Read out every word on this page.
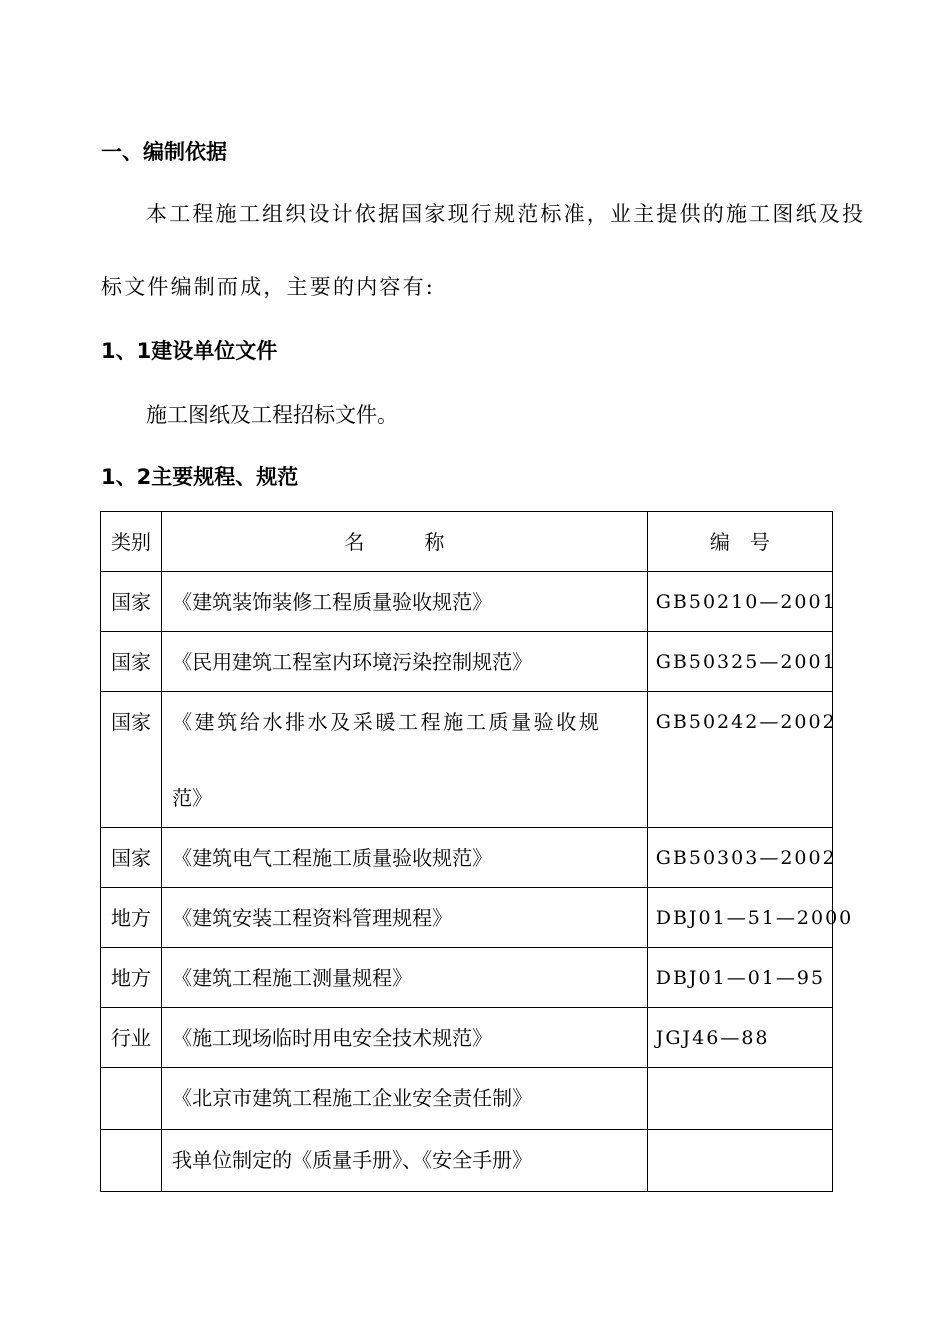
一、编制依据
本工程施工组织设计依据国家现行规范标准，业主提供的施工图纸及投
标文件编制而成，主要的内容有:
1、1建设单位文件
施工图纸及工程招标文件。
1、2主要规程、规范
类别	名　　　称	编　号

国家	《建筑装饰装修工程质量验收规范》	GB50210—2001

国家	《民用建筑工程室内环境污染控制规范》	GB50325—2001

国家	《建筑给水排水及采暖工程施工质量验收规
范》	GB50242—2002

国家	《建筑电气工程施工质量验收规范》	GB50303—2002

地方	《建筑安装工程资料管理规程》	DBJ01—51—2000

地方	《建筑工程施工测量规程》	DBJ01—01—95

行业	《施工现场临时用电安全技术规范》	JGJ46—88

	《北京市建筑工程施工企业安全责任制》	

	我单位制定的《质量手册》、《安全手册》	
